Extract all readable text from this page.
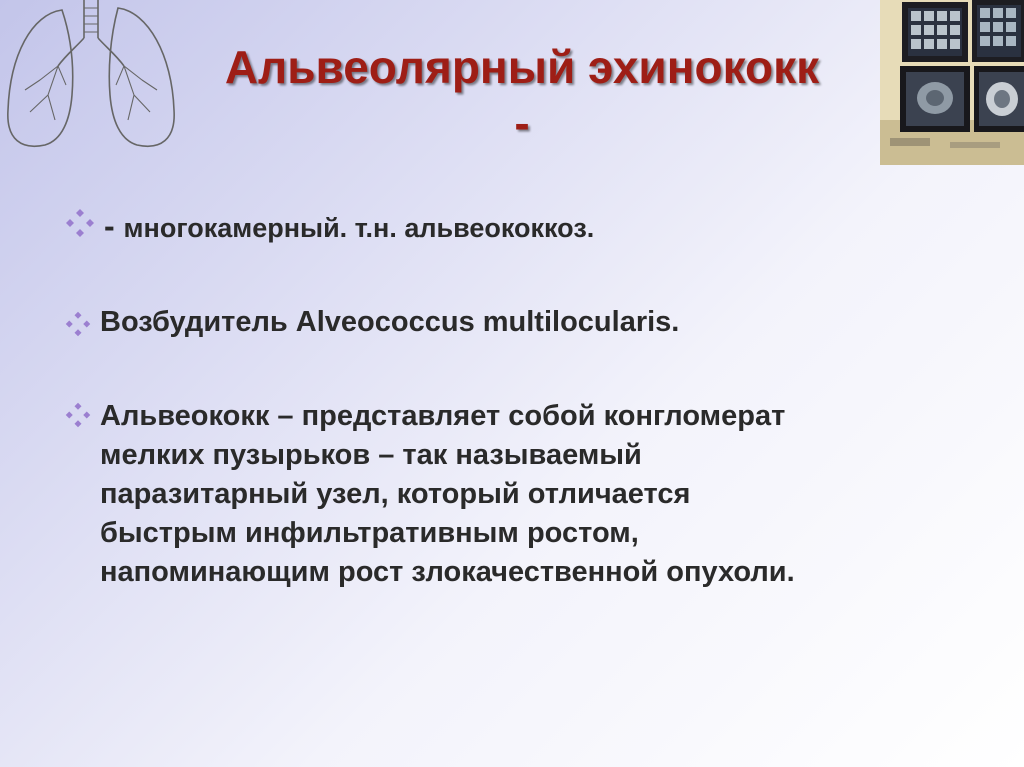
Альвеолярный эхинококк
-
- многокамерный. т.н. альвеококкоз.
Возбудитель Alveococcus multilocularis.
Альвеококк – представляет собой конгломерат
мелких пузырьков – так называемый
паразитарный узел, который отличается
быстрым инфильтративным ростом,
напоминающим рост злокачественной опухоли.
